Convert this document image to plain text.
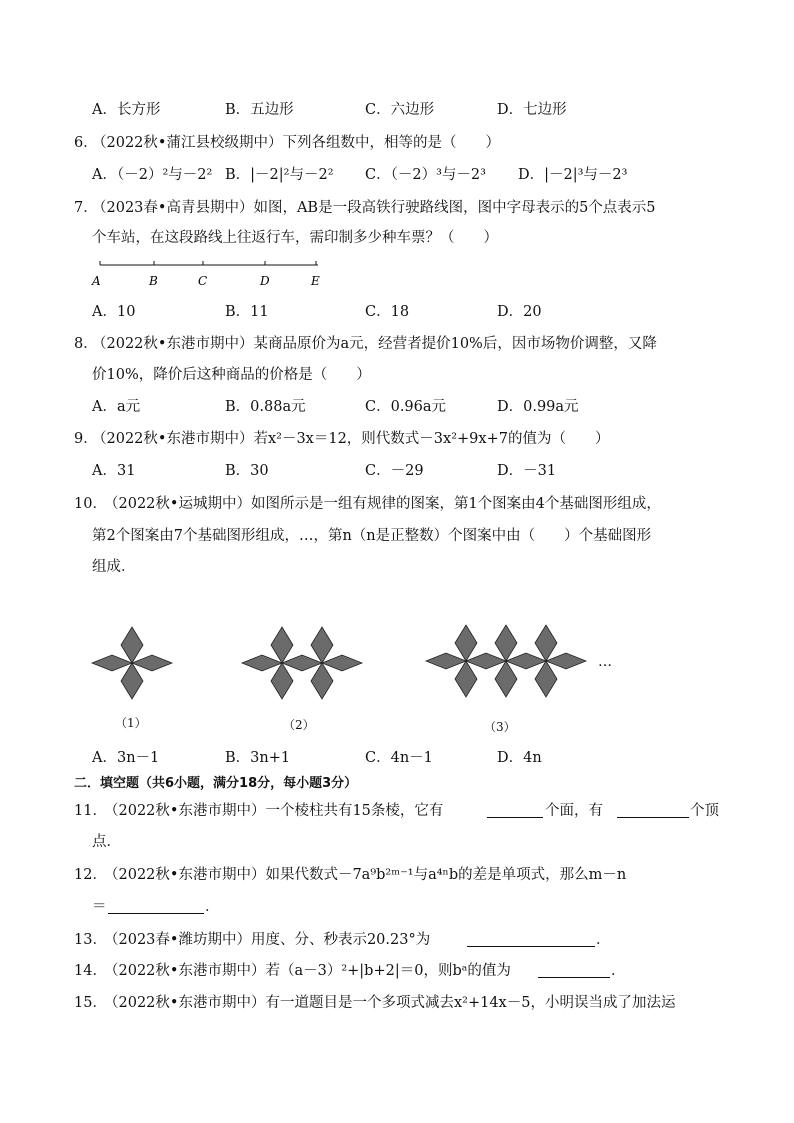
A．长方形	B．五边形	C．六边形	D．七边形
6．
（2022秋•蒲江县校级期中）下列各组数中，相等的是（　　）
A．（－2）²与－2² B．|－2|²与－2² C．（－2）³与－2³ D．|－2|³与－2³
7．
（2023春•高青县期中）如图，AB是一段高铁行驶路线图，图中字母表示的5个点表示5
个车站，在这段路线上往返行车，需印制多少种车票？（　　）
A	B	C	D	E
A．10	B．11	C．18	D．20
8．
（2022秋•东港市期中）某商品原价为a元，经营者提价10%后，因市场物价调整，又降
价10%，降价后这种商品的价格是（　　）
A．a元	B．0.88a元	C．0.96a元	D．0.99a元
9．
（2022秋•东港市期中）若x²－3x＝12，则代数式－3x²+9x+7的值为（　　）
A．31	B．30	C．－29	D．－31
10．
（2022秋•运城期中）如图所示是一组有规律的图案，第1个图案由4个基础图形组成，
第2个图案由7个基础图形组成，…，第n（n是正整数）个图案中由（　　）个基础图形
组成．
…
（1）	（2）	（3）
A．3n－1	B．3n+1	C．4n－1	D．4n
二．填空题（共6小题，满分18分，每小题3分）
11．
（2022秋•东港市期中）一个棱柱共有15条棱，它有	个面，有	个顶
点．
12．
（2022秋•东港市期中）如果代数式－7a⁹b²ᵐ⁻¹与a⁴ⁿb的差是单项式，那么m－n
＝	．
13．
（2023春•潍坊期中）用度、分、秒表示20.23°为	．
14．
（2022秋•东港市期中）若（a－3）²+|b+2|＝0，则bᵃ的值为	．
15．
（2022秋•东港市期中）有一道题目是一个多项式减去x²+14x－5，小明误当成了加法运
